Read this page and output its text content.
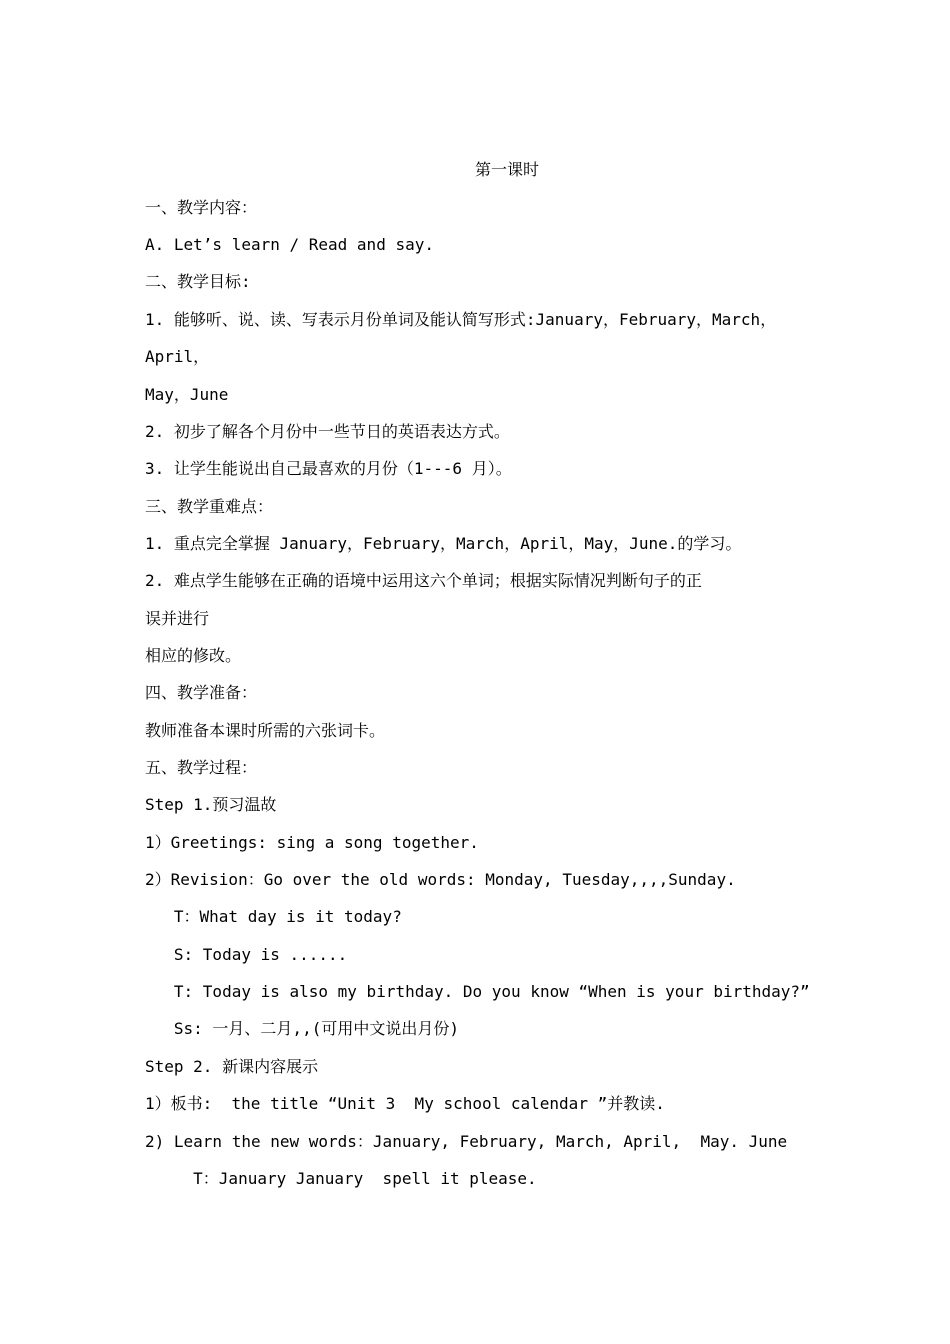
第一课时
一、教学内容：
A. Let’s learn / Read and say.
二、教学目标:
1. 能够听、说、读、写表示月份单词及能认简写形式:January，February，March，
April，
May，June
2. 初步了解各个月份中一些节日的英语表达方式。
3. 让学生能说出自己最喜欢的月份（1---6 月）。
三、教学重难点：
1. 重点完全掌握 January，February，March，April，May，June.的学习。
2. 难点学生能够在正确的语境中运用这六个单词；根据实际情况判断句子的正
误并进行
相应的修改。
四、教学准备：
教师准备本课时所需的六张词卡。
五、教学过程：
Step 1.预习温故
1）Greetings: sing a song together.
2）Revision：Go over the old words: Monday, Tuesday,,,,Sunday.
T：What day is it today?
S: Today is ......
T: Today is also my birthday. Do you know “When is your birthday?”
Ss: 一月、二月,,(可用中文说出月份)
Step 2. 新课内容展示
1）板书:  the title “Unit 3  My school calendar ”并教读.
2) Learn the new words：January, February, March, April,  May. June
T：January January  spell it please.
